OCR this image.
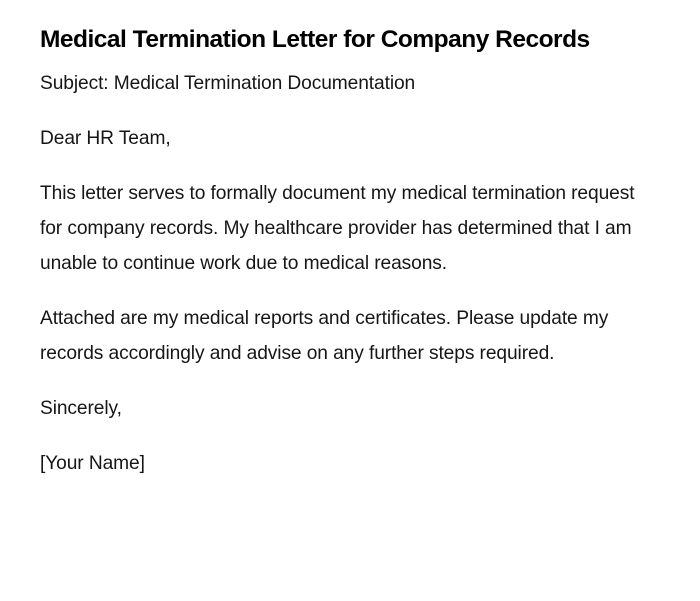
Medical Termination Letter for Company Records

Subject: Medical Termination Documentation

Dear HR Team,

This letter serves to formally document my medical termination request for company records. My healthcare provider has determined that I am unable to continue work due to medical reasons.

Attached are my medical reports and certificates. Please update my records accordingly and advise on any further steps required.

Sincerely,

[Your Name]
